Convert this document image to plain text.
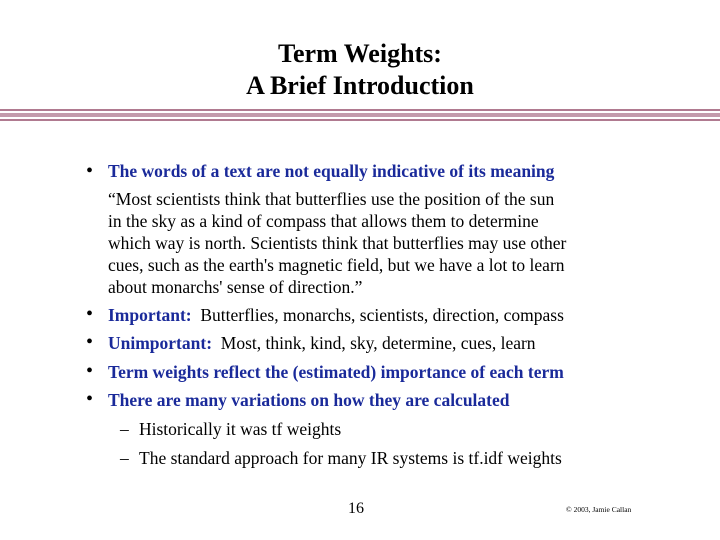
Term Weights:
A Brief Introduction
• The words of a text are not equally indicative of its meaning
“Most scientists think that butterflies use the position of the sun
in the sky as a kind of compass that allows them to determine
which way is north. Scientists think that butterflies may use other
cues, such as the earth's magnetic field, but we have a lot to learn
about monarchs' sense of direction.”
• Important: Butterflies, monarchs, scientists, direction, compass
• Unimportant: Most, think, kind, sky, determine, cues, learn
• Term weights reflect the (estimated) importance of each term
• There are many variations on how they are calculated
– Historically it was tf weights
– The standard approach for many IR systems is tf.idf weights
16	© 2003, Jamie Callan
